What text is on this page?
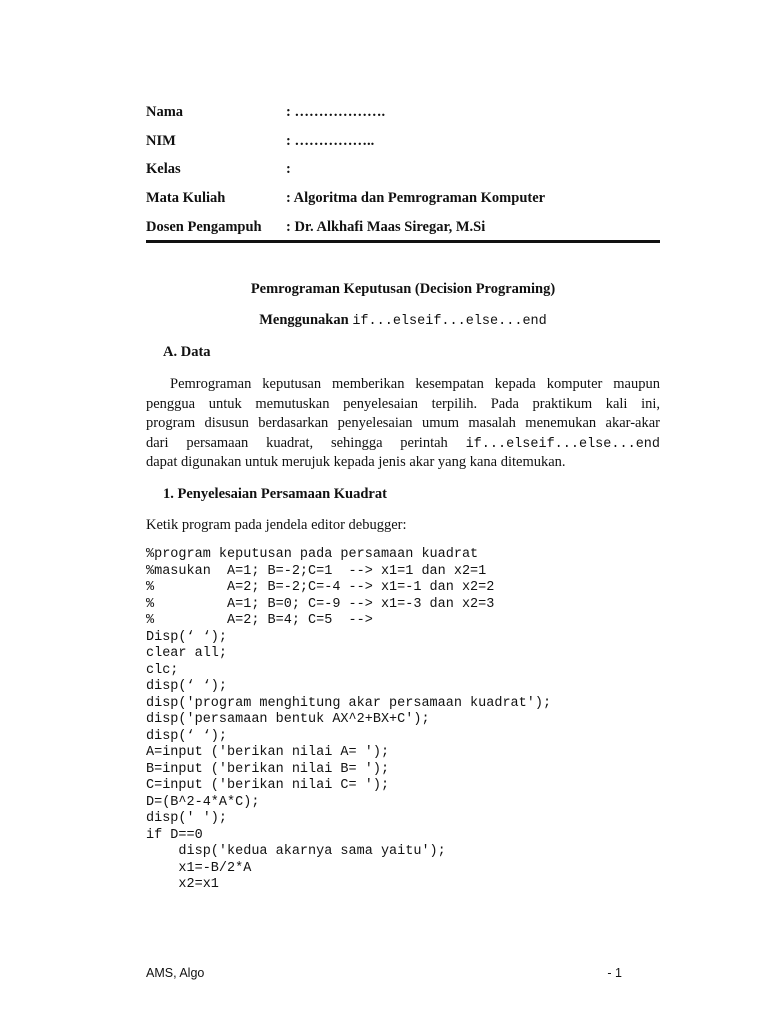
Nama	: ……………….
NIM	: ……………..
Kelas	:
Mata Kuliah	: Algoritma dan Pemrograman Komputer
Dosen Pengampuh : Dr. Alkhafi Maas Siregar, M.Si
Pemrograman Keputusan (Decision Programing)
Menggunakan if...elseif...else...end
A. Data
Pemrograman keputusan memberikan kesempatan kepada komputer maupun
penggua untuk memutuskan penyelesaian terpilih. Pada praktikum kali ini,
program disusun berdasarkan penyelesaian umum masalah menemukan akar-akar
dari persamaan kuadrat, sehingga perintah if...elseif...else...end
dapat digunakan untuk merujuk kepada jenis akar yang kana ditemukan.
1. Penyelesaian Persamaan Kuadrat
Ketik program pada jendela editor debugger:
%program keputusan pada persamaan kuadrat
%masukan  A=1; B=-2;C=1  --> x1=1 dan x2=1
%         A=2; B=-2;C=-4 --> x1=-1 dan x2=2
%         A=1; B=0; C=-9 --> x1=-3 dan x2=3
%         A=2; B=4; C=5  -->
Disp(‘ ‘);
clear all;
clc;
disp(‘ ‘);
disp('program menghitung akar persamaan kuadrat');
disp('persamaan bentuk AX^2+BX+C');
disp(‘ ‘);
A=input ('berikan nilai A= ');
B=input ('berikan nilai B= ');
C=input ('berikan nilai C= ');
D=(B^2-4*A*C);
disp(' ');
if D==0
disp('kedua akarnya sama yaitu');
x1=-B/2*A
x2=x1
AMS, Algo	- 1
